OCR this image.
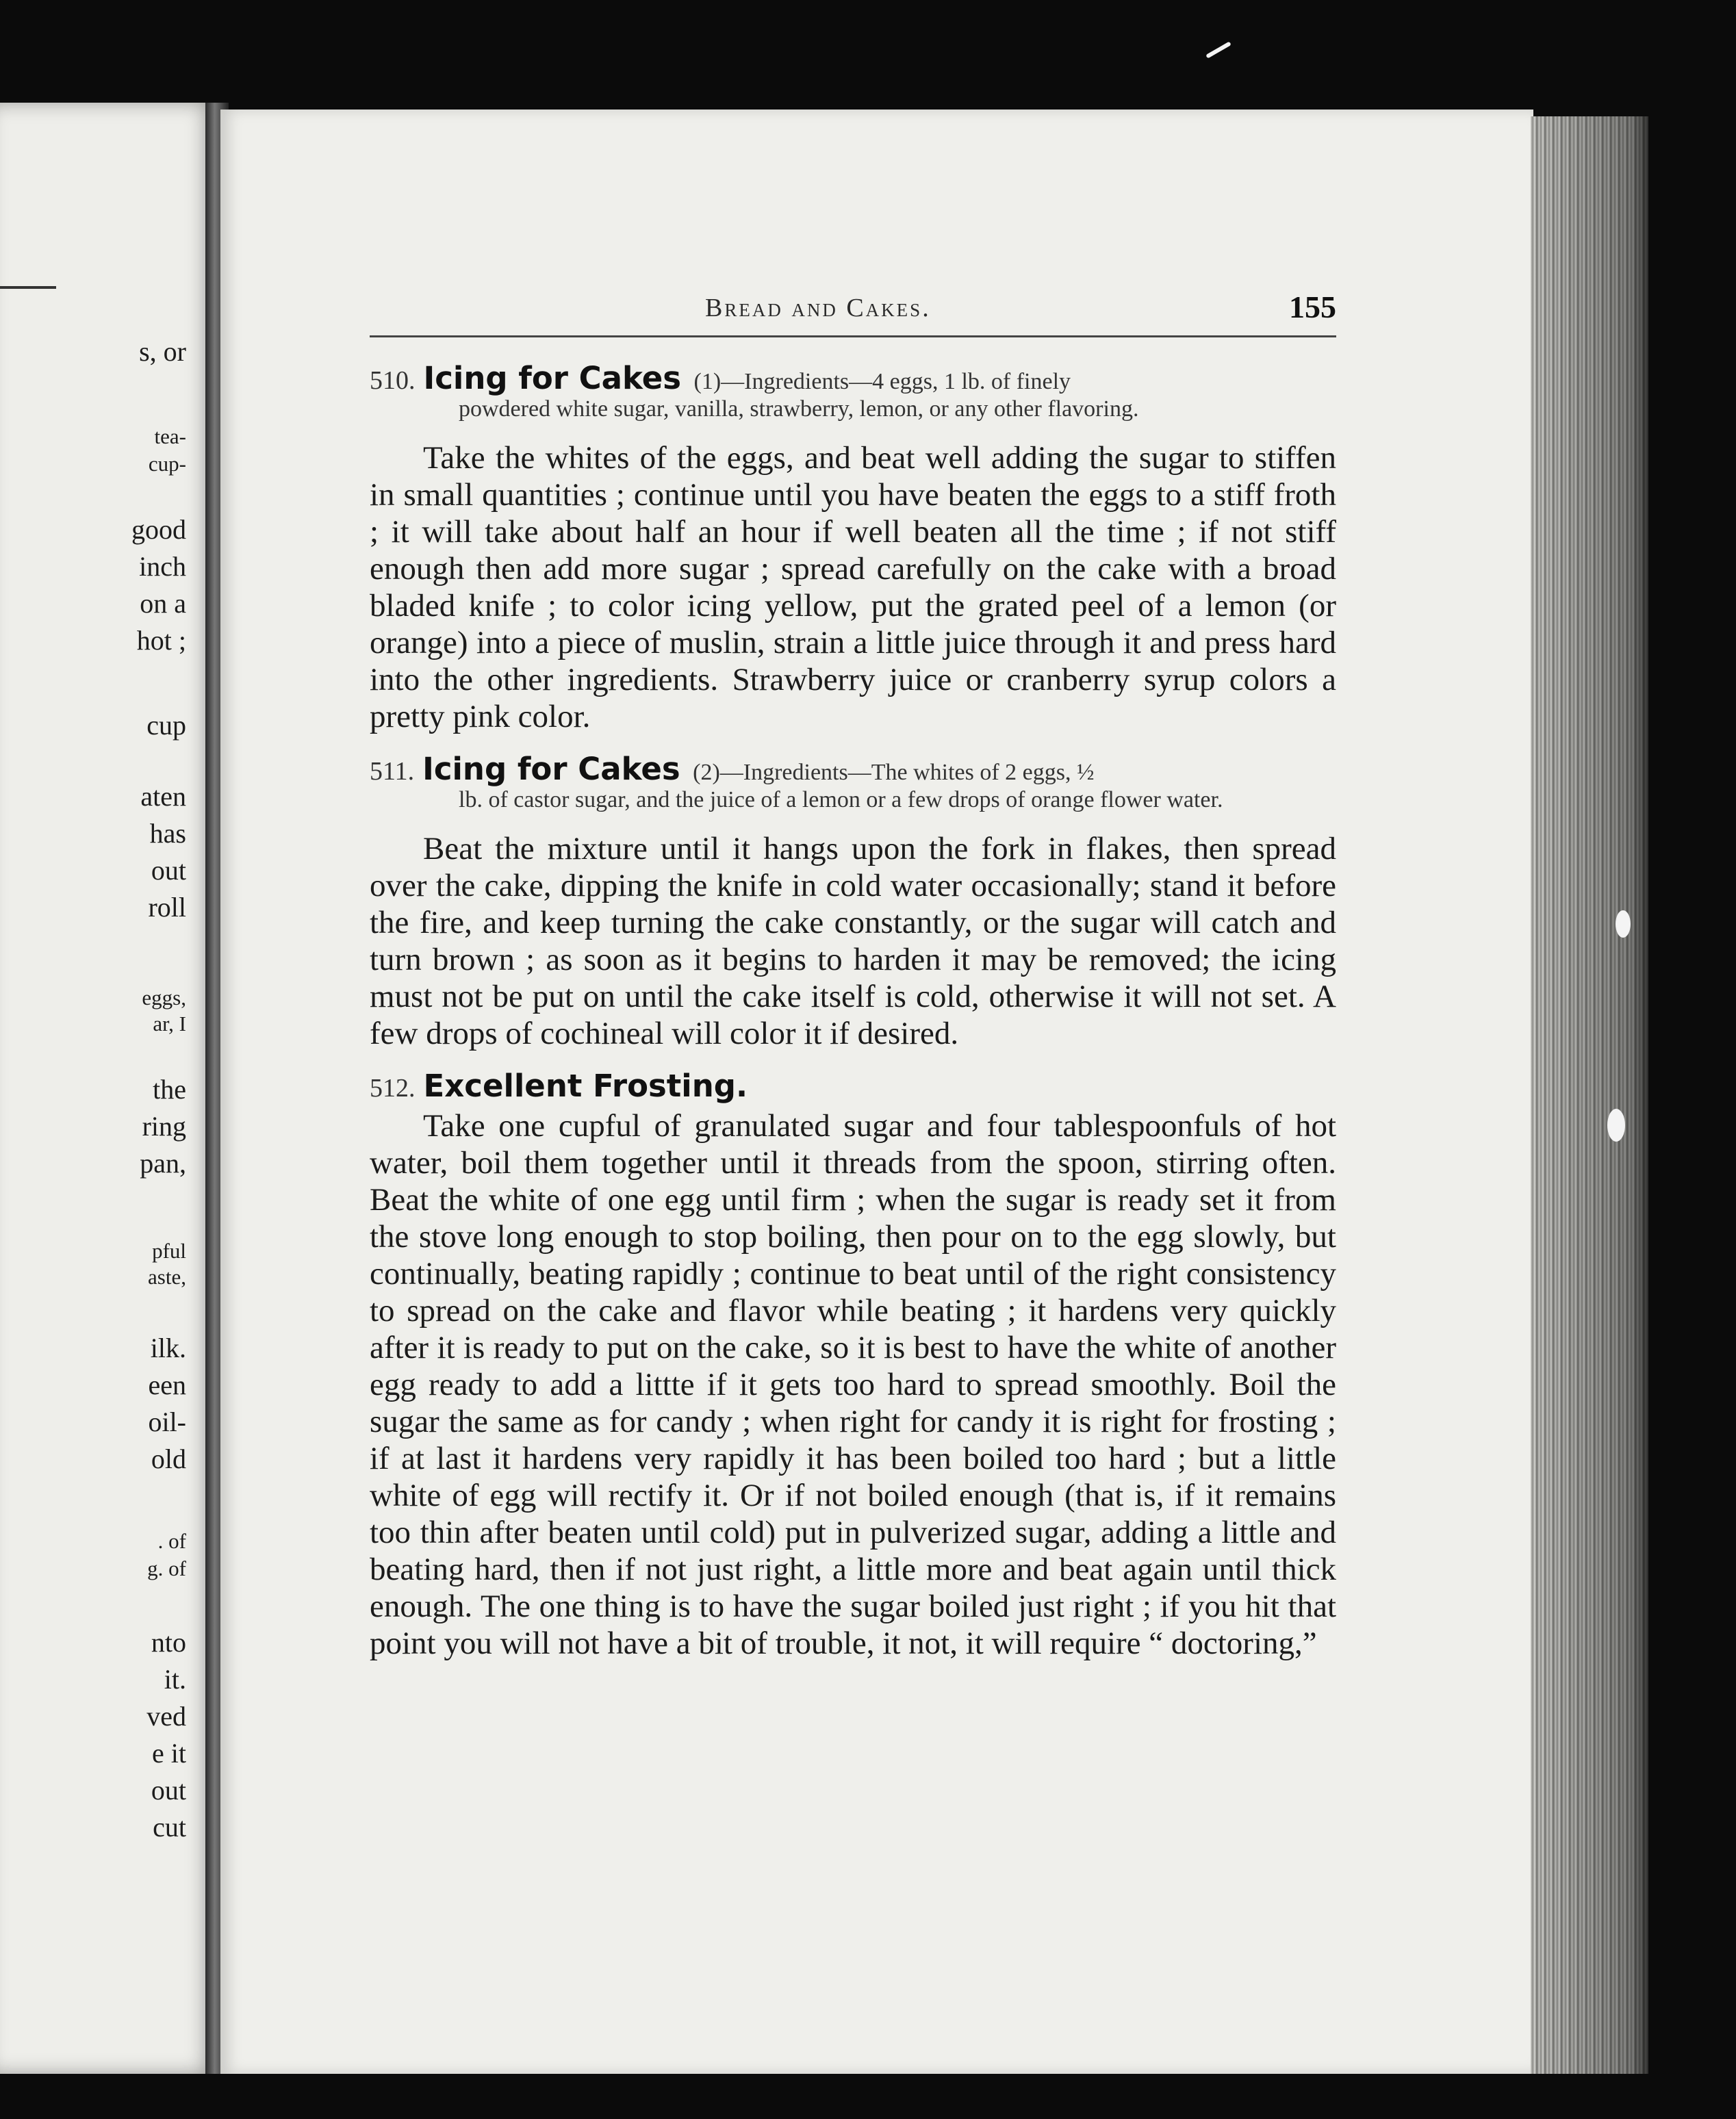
s, or
tea-
cup-
good
inch
on a
hot ;
cup
aten
has
out
roll
eggs,
ar, I
the
ring
pan,
pful
aste,
ilk.
een
oil-
old
. of
g. of
nto
it.
ved
e it
out
cut
Bread and Cakes.	155

510. Icing for Cakes (1)—Ingredients—4 eggs, 1 lb. of finely

powdered white sugar, vanilla, strawberry, lemon, or any other flavoring.

Take the whites of the eggs, and beat well adding the sugar to stiffen in small quantities ; continue until you have beaten the eggs to a stiff froth ; it will take about half an hour if well beaten all the time ; if not stiff enough then add more sugar ; spread carefully on the cake with a broad bladed knife ; to color icing yellow, put the grated peel of a lemon (or orange) into a piece of muslin, strain a little juice through it and press hard into the other ingredients. Strawberry juice or cranberry syrup colors a pretty pink color.

511. Icing for Cakes (2)—Ingredients—The whites of 2 eggs, ½

lb. of castor sugar, and the juice of a lemon or a few drops of orange flower water.

Beat the mixture until it hangs upon the fork in flakes, then spread over the cake, dipping the knife in cold water occasionally; stand it before the fire, and keep turning the cake constantly, or the sugar will catch and turn brown ; as soon as it begins to harden it may be removed; the icing must not be put on until the cake itself is cold, otherwise it will not set. A few drops of cochineal will color it if desired.

512. Excellent Frosting.

Take one cupful of granulated sugar and four tablespoonfuls of hot water, boil them together until it threads from the spoon, stirring often. Beat the white of one egg until firm ; when the sugar is ready set it from the stove long enough to stop boiling, then pour on to the egg slowly, but continually, beating rapidly ; continue to beat until of the right consistency to spread on the cake and flavor while beating ; it hardens very quickly after it is ready to put on the cake, so it is best to have the white of another egg ready to add a littte if it gets too hard to spread smoothly. Boil the sugar the same as for candy ; when right for candy it is right for frosting ; if at last it hardens very rapidly it has been boiled too hard ; but a little white of egg will rectify it. Or if not boiled enough (that is, if it remains too thin after beaten until cold) put in pulverized sugar, adding a little and beating hard, then if not just right, a little more and beat again until thick enough. The one thing is to have the sugar boiled just right ; if you hit that point you will not have a bit of trouble, it not, it will require “ doctoring,”
